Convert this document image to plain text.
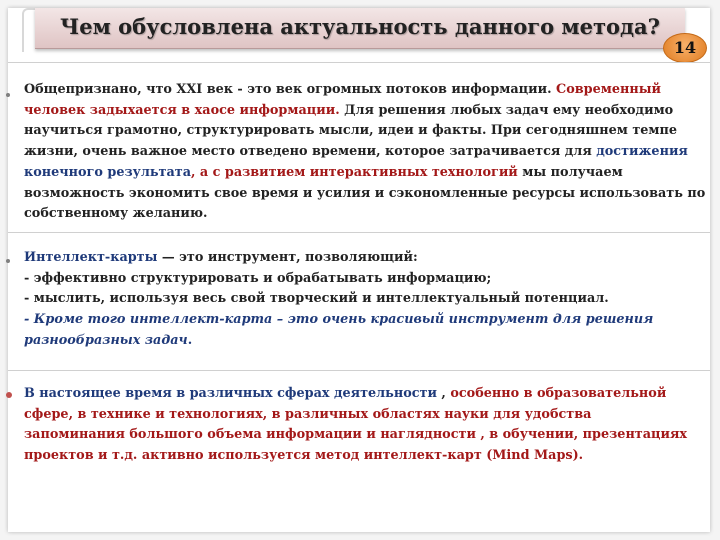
Чем обусловлена актуальность данного метода?
14

Общепризнано, что XXI век - это век огромных потоков информации. Современный
человек задыхается в хаосе информации. Для решения любых задач ему необходимо
научиться грамотно, структурировать мысли, идеи и факты. При сегодняшнем темпе
жизни, очень важное место отведено времени, которое затрачивается для достижения
конечного результата, а с развитием интерактивных технологий мы получаем
возможность экономить свое время и усилия и сэкономленные ресурсы использовать по
собственному желанию.

Интеллект-карты — это инструмент, позволяющий:
- эффективно структурировать и обрабатывать информацию;
- мыслить, используя весь свой творческий и интеллектуальный потенциал.
- Кроме того интеллект-карта – это очень красивый инструмент для решения
разнообразных задач.

В настоящее время в различных сферах деятельности , особенно в образовательной
сфере, в технике и технологиях, в различных областях науки для удобства
запоминания большого объема информации и наглядности , в обучении, презентациях
проектов и т.д. активно используется метод интеллект-карт (Mind Maps).
